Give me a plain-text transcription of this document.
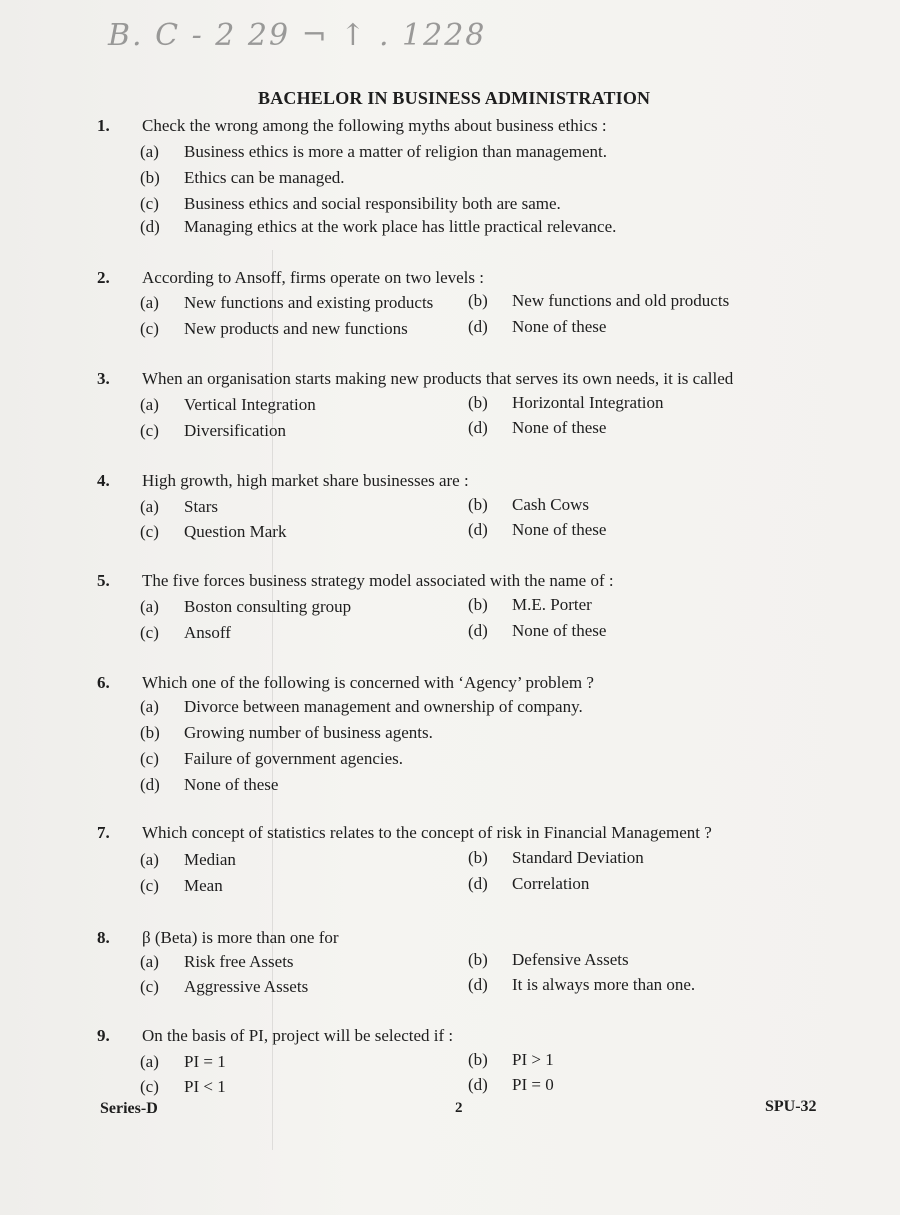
B. C - 2 29 ¬ ↑ . 1228
BACHELOR IN BUSINESS ADMINISTRATION
1. Check the wrong among the following myths about business ethics :
(a) Business ethics is more a matter of religion than management.
(b) Ethics can be managed.
(c) Business ethics and social responsibility both are same.
(d) Managing ethics at the work place has little practical relevance.
2. According to Ansoff, firms operate on two levels :
(a) New functions and existing products (b) New functions and old products
(c) New products and new functions	(d) None of these
3. When an organisation starts making new products that serves its own needs, it is called
(a) Vertical Integration	(b) Horizontal Integration
(c) Diversification	(d) None of these
4. High growth, high market share businesses are :
(a) Stars	(b) Cash Cows
(c) Question Mark	(d) None of these
5. The five forces business strategy model associated with the name of :
(a) Boston consulting group	(b) M.E. Porter
(c) Ansoff	(d) None of these
6. Which one of the following is concerned with ‘Agency’ problem ?
(a) Divorce between management and ownership of company.
(b) Growing number of business agents.
(c) Failure of government agencies.
(d) None of these
7. Which concept of statistics relates to the concept of risk in Financial Management ?
(a) Median	(b) Standard Deviation
(c) Mean	(d) Correlation
8. β (Beta) is more than one for
(a) Risk free Assets	(b) Defensive Assets
(c) Aggressive Assets	(d) It is always more than one.
9. On the basis of PI, project will be selected if :
(a) PI = 1	(b) PI > 1
(c) PI < 1	(d) PI = 0
Series-D	2	SPU-32
